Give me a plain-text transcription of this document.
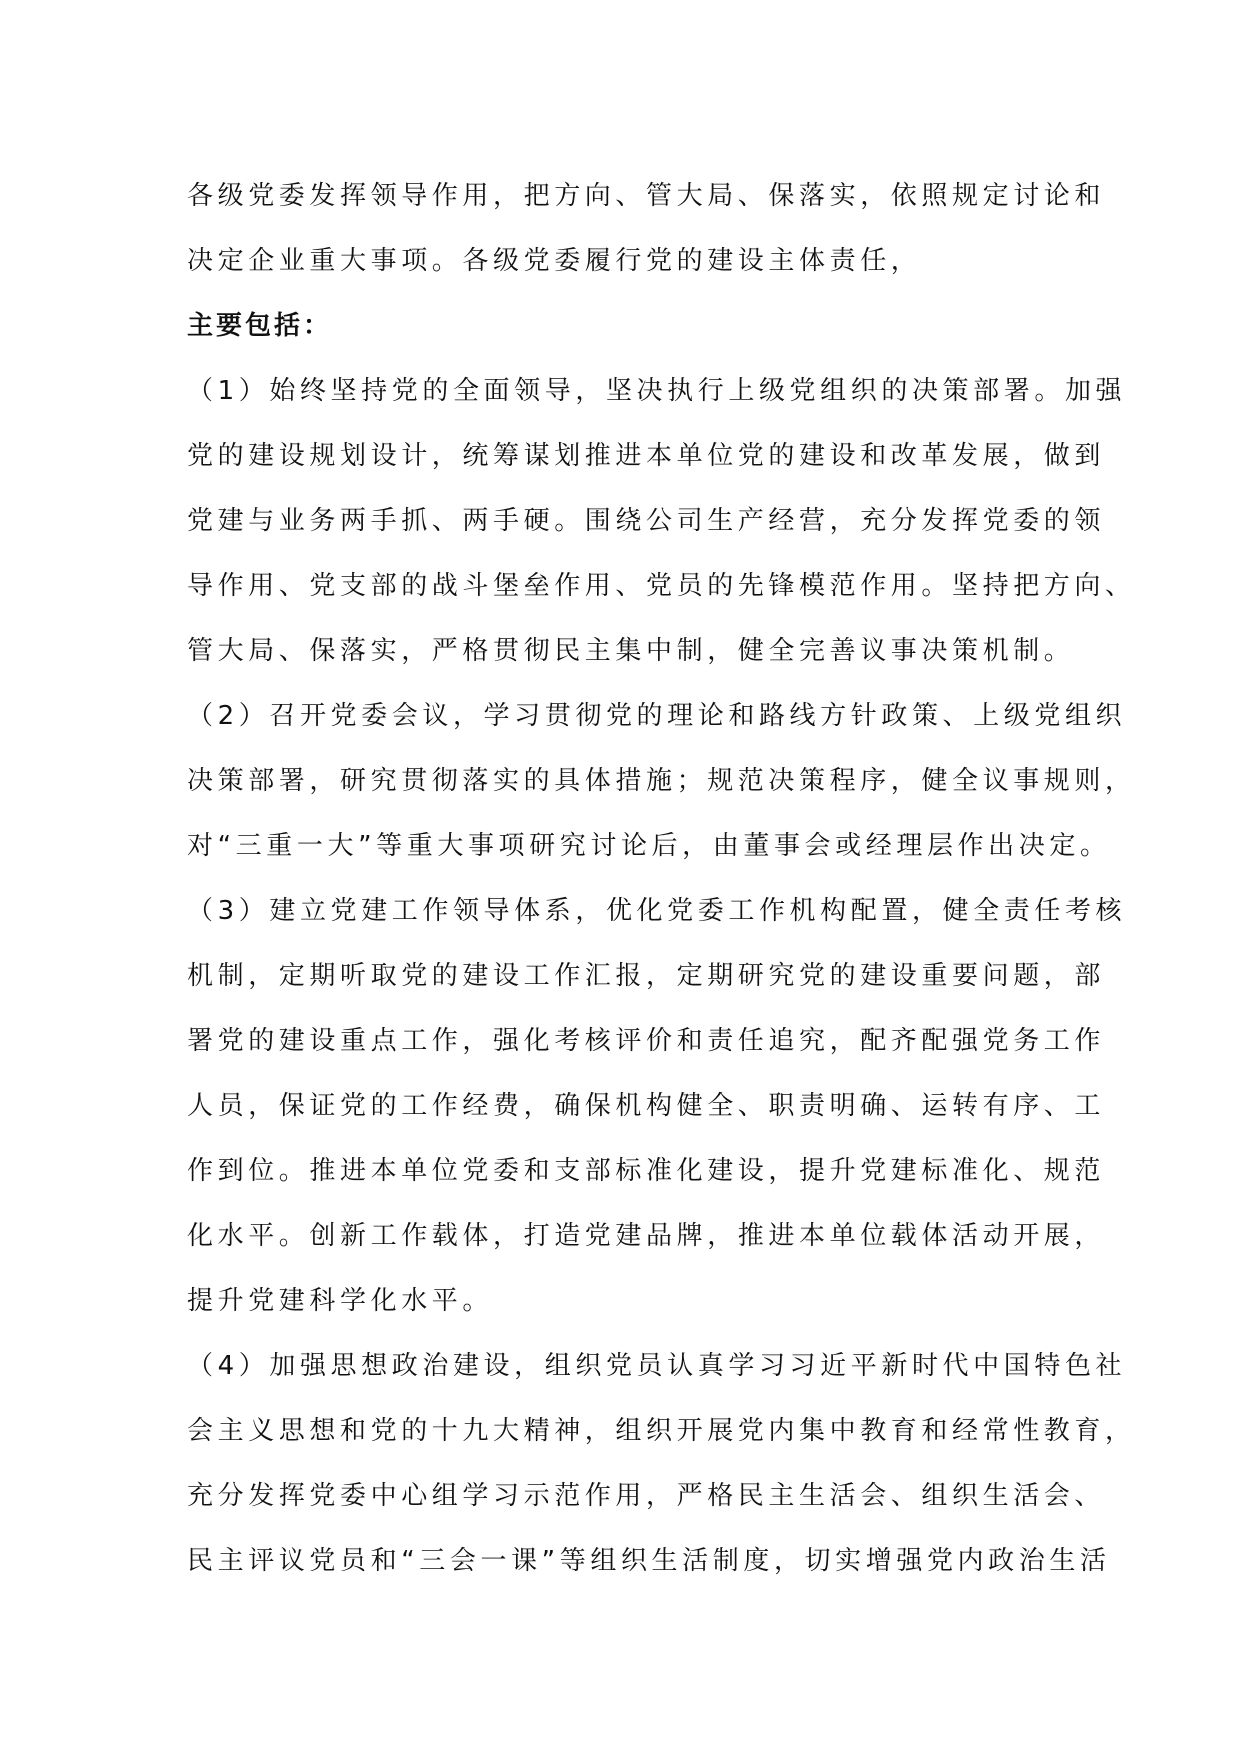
各级党委发挥领导作用，把方向、管大局、保落实，依照规定讨论和
决定企业重大事项。各级党委履行党的建设主体责任，
主要包括：
（1）始终坚持党的全面领导，坚决执行上级党组织的决策部署。加强
党的建设规划设计，统筹谋划推进本单位党的建设和改革发展，做到
党建与业务两手抓、两手硬。围绕公司生产经营，充分发挥党委的领
导作用、党支部的战斗堡垒作用、党员的先锋模范作用。坚持把方向、
管大局、保落实，严格贯彻民主集中制，健全完善议事决策机制。
（2）召开党委会议，学习贯彻党的理论和路线方针政策、上级党组织
决策部署，研究贯彻落实的具体措施；规范决策程序，健全议事规则，
对“三重一大”等重大事项研究讨论后，由董事会或经理层作出决定。
（3）建立党建工作领导体系，优化党委工作机构配置，健全责任考核
机制，定期听取党的建设工作汇报，定期研究党的建设重要问题，部
署党的建设重点工作，强化考核评价和责任追究，配齐配强党务工作
人员，保证党的工作经费，确保机构健全、职责明确、运转有序、工
作到位。推进本单位党委和支部标准化建设，提升党建标准化、规范
化水平。创新工作载体，打造党建品牌，推进本单位载体活动开展，
提升党建科学化水平。
（4）加强思想政治建设，组织党员认真学习习近平新时代中国特色社
会主义思想和党的十九大精神，组织开展党内集中教育和经常性教育，
充分发挥党委中心组学习示范作用，严格民主生活会、组织生活会、
民主评议党员和“三会一课”等组织生活制度，切实增强党内政治生活
